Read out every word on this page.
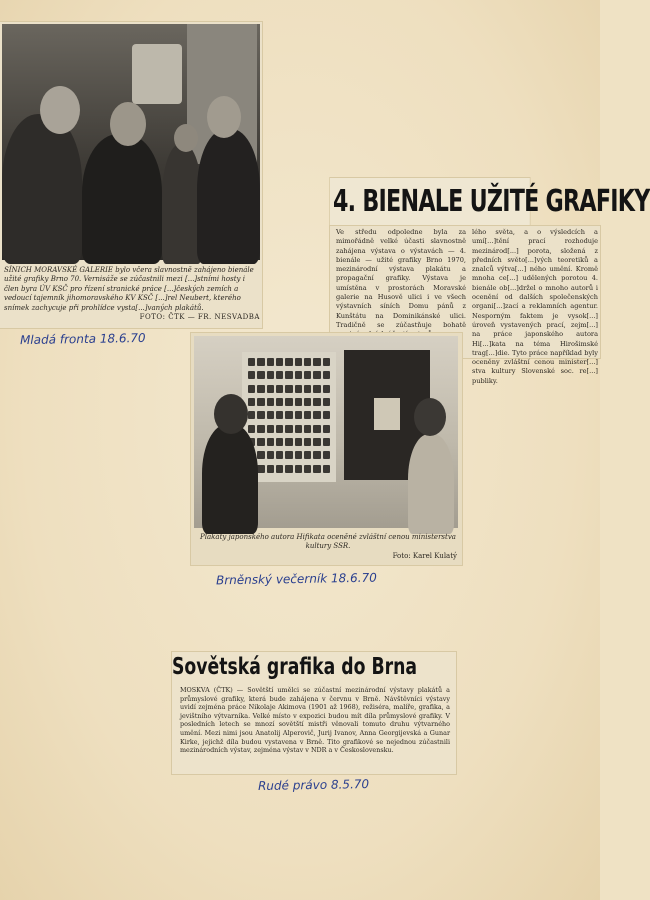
SÍNICH MORAVSKÉ GALERIE bylo včera slavnostně zahájeno bienále užité grafiky Brno 70. Vernisáže se zúčastnili mezi [...]stními hosty i člen byra ÚV KSČ pro řízení stranické práce [...]českých zemích a vedoucí tajemník jihomoravského KV KSČ [...]rel Neubert, kterého snímek zachycuje při prohlídce vysta[...]vaných plakátů.
FOTO: ČTK — FR. NESVADBA
Mladá fronta 18.6.70
4. BIENALE UŽITÉ GRAFIKY
Ve středu odpoledne byla za mimořádně velké účasti slavnostně zahájena výstava o výstavách — 4. bienále — užité grafiky Brno 1970, mezinárodní výstava plakátu a propagační grafiky. Výstava je umístěna v prostorách Moravské galerie na Husově ulici i ve všech výstavních síních Domu pánů z Kunštátu na Dominikánské ulici. Tradičně se zúčastňuje bohatě
lého světa, a o výsledcích a umí[...]tění prací rozhoduje mezinárod[...] porota, složená z předních světo[...]vých teoretiků a znalců výtva[...] ného umění. Kromě mnoha ce[...] udělených porotou 4. bienále ob[...]držel o mnoho autorů i ocenění od dalších společenských organi[...]zací a reklamních agentur. Nesporným faktem je vysok[...] úroveň vystavených prací, zejm[...] na práce japonského autora Hi[...]kata na téma Hirošimské trag[...]die. Tyto práce například byly oceněny zvláštní cenou minister[...] stva kultury Slovenské soc. re[...] publiky.
Plakáty japonského autora Hifikata oceněné zvláštní cenou ministerstva kultury SSR.
Foto: Karel Kulatý
Brněnský večerník 18.6.70
Sovětská grafika do Brna
MOSKVA (ČTK) — Sovětští umělci se zúčastní mezinárodní výstavy plakátů a průmyslové grafiky, která bude zahájena v červnu v Brně. Návštěvníci výstavy uvidí zejména práce Nikolaje Akimova (1901 až 1968), režiséra, malíře, grafika, a jevištního výtvarníka. Velké místo v expozici budou mít díla průmyslové grafiky. V posledních letech se mnozí sovětští mistři věnovali tomuto druhu výtvarného umění. Mezi nimi jsou Anatolij Alperovič, Jurij Ivanov, Anna Georgijevská a Gunar Kirke, jejichž díla budou vystavena v Brně. Tito grafikové se nejednou zúčastnili mezinárodních výstav, zejména výstav v NDR a v Československu.
Rudé právo 8.5.70
